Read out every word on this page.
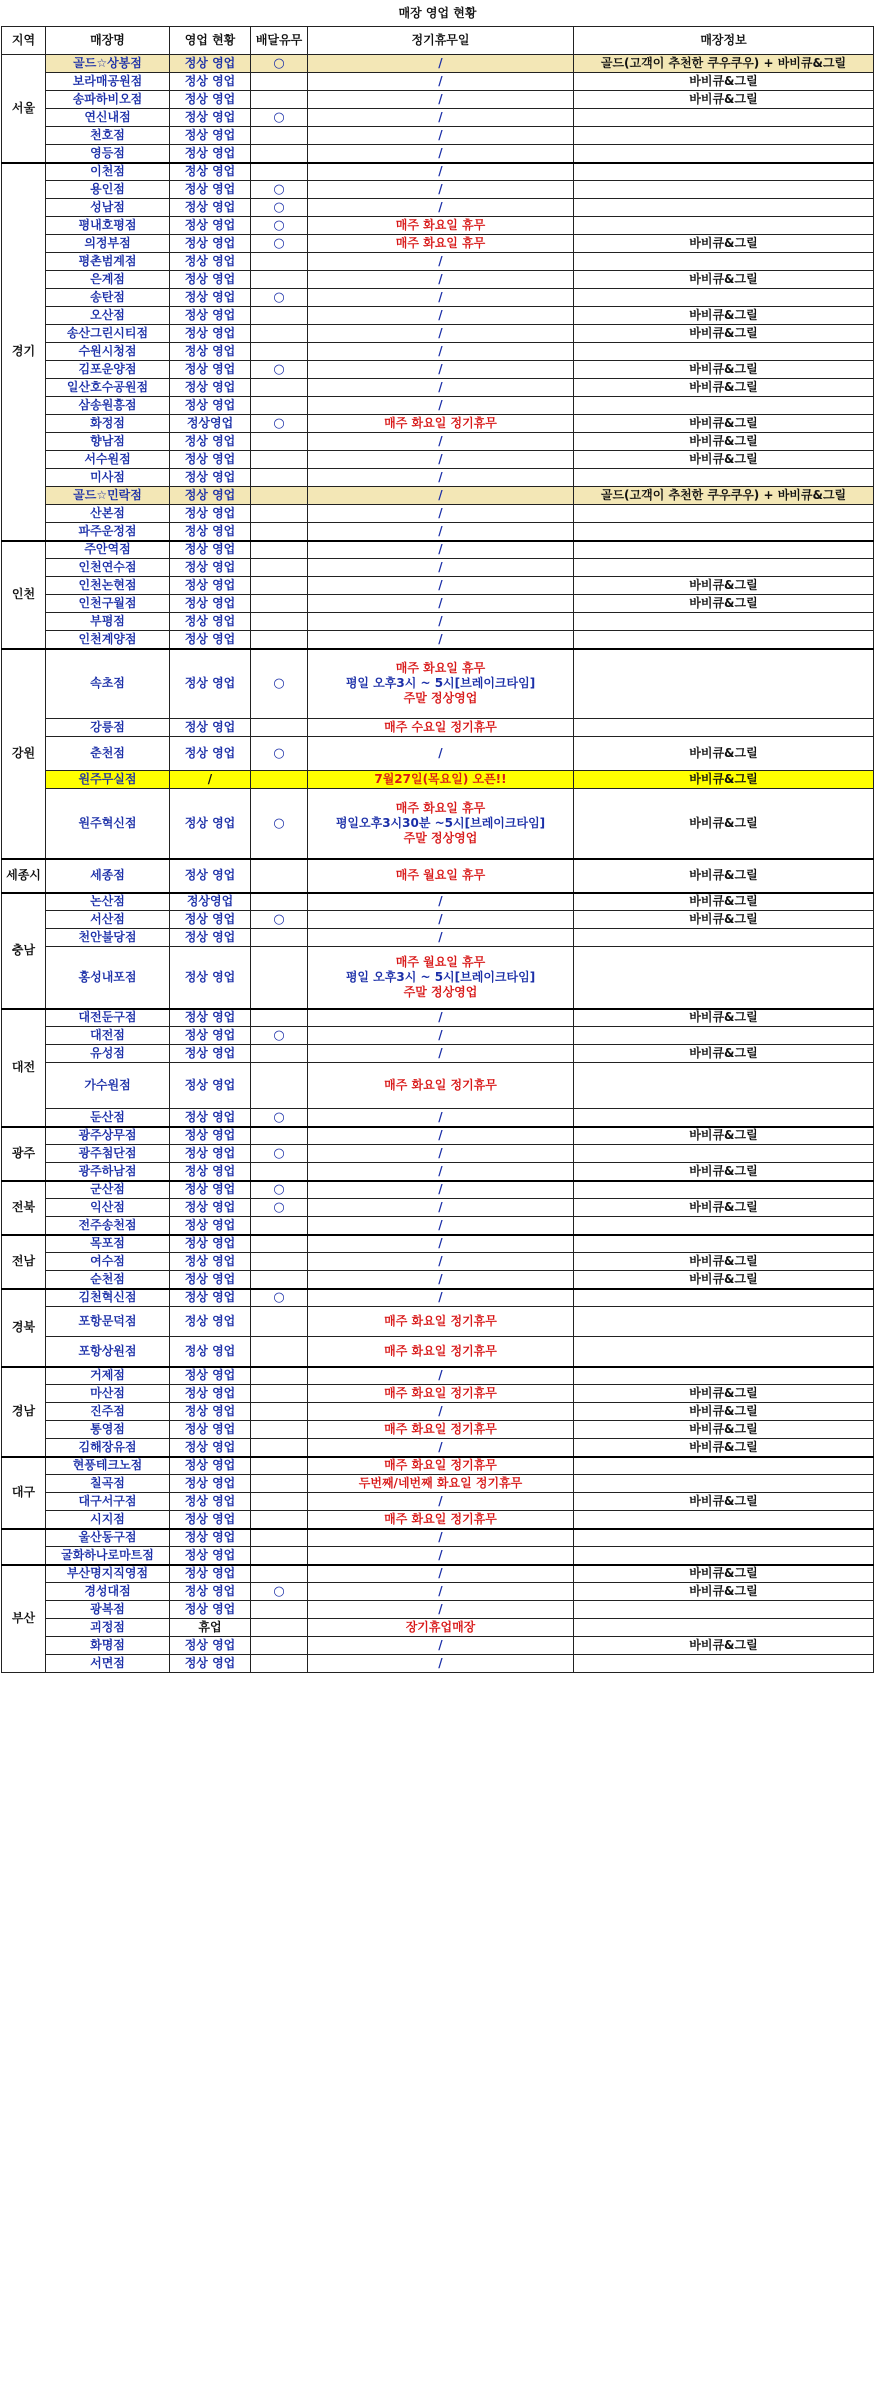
매장 영업 현황
지역	매장명	영업 현황	배달유무	정기휴무일	매장정보
서울	골드☆상봉점	정상 영업	○	/	골드(고객이 추천한 쿠우쿠우) + 바비큐&그릴
	보라매공원점	정상 영업		/	바비큐&그릴
	송파하비오점	정상 영업		/	바비큐&그릴
	연신내점	정상 영업	○	/	

	천호점	정상 영업		/	

	영등점	정상 영업		/	

경기	이천점	정상 영업		/	

	용인점	정상 영업	○	/	

	성남점	정상 영업	○	/	

	평내호평점	정상 영업	○	매주 화요일 휴무	

	의정부점	정상 영업	○	매주 화요일 휴무	바비큐&그릴
	평촌범계점	정상 영업		/	

	은계점	정상 영업		/	바비큐&그릴
	송탄점	정상 영업	○	/	

	오산점	정상 영업		/	바비큐&그릴
	송산그린시티점	정상 영업		/	바비큐&그릴
	수원시청점	정상 영업		/	

	김포운양점	정상 영업	○	/	바비큐&그릴
	일산호수공원점	정상 영업		/	바비큐&그릴
	삼송원흥점	정상 영업		/	

	화정점	정상영업	○	매주 화요일 정기휴무	바비큐&그릴
	향남점	정상 영업		/	바비큐&그릴
	서수원점	정상 영업		/	바비큐&그릴
	미사점	정상 영업		/	

	골드☆민락점	정상 영업		/	골드(고객이 추천한 쿠우쿠우) + 바비큐&그릴
	산본점	정상 영업		/	

	파주운정점	정상 영업		/	

인천	주안역점	정상 영업		/	

	인천연수점	정상 영업		/	

	인천논현점	정상 영업		/	바비큐&그릴
	인천구월점	정상 영업		/	바비큐&그릴
	부평점	정상 영업		/	

	인천계양점	정상 영업		/	

강원	속초점	정상 영업	○	매주 화요일 휴무
평일 오후3시 ~ 5시[브레이크타임]
주말 정상영업	

	강릉점	정상 영업		매주 수요일 정기휴무	

	춘천점	정상 영업	○	/	바비큐&그릴
	원주무실점	/		7월27일(목요일) 오픈!!	바비큐&그릴
	원주혁신점	정상 영업	○	매주 화요일 휴무
평일오후3시30분 ~5시[브레이크타임]
주말 정상영업	바비큐&그릴
세종시	세종점	정상 영업		매주 월요일 휴무	바비큐&그릴
충남	논산점	정상영업		/	바비큐&그릴
	서산점	정상 영업	○	/	바비큐&그릴
	천안불당점	정상 영업		/	

	홍성내포점	정상 영업		매주 월요일 휴무
평일 오후3시 ~ 5시[브레이크타임]
주말 정상영업	

대전	대전둔구점	정상 영업		/	바비큐&그릴
	대전점	정상 영업	○	/	

	유성점	정상 영업		/	바비큐&그릴
	가수원점	정상 영업		매주 화요일 정기휴무	

	둔산점	정상 영업	○	/	

광주	광주상무점	정상 영업		/	바비큐&그릴
	광주첨단점	정상 영업	○	/	

	광주하남점	정상 영업		/	바비큐&그릴
전북	군산점	정상 영업	○	/	

	익산점	정상 영업	○	/	바비큐&그릴
	전주송천점	정상 영업		/	

전남	목포점	정상 영업		/	

	여수점	정상 영업		/	바비큐&그릴
	순천점	정상 영업		/	바비큐&그릴
경북	김천혁신점	정상 영업	○	/	

	포항문덕점	정상 영업		매주 화요일 정기휴무	

	포항상원점	정상 영업		매주 화요일 정기휴무	

경남	거제점	정상 영업		/	

	마산점	정상 영업		매주 화요일 정기휴무	바비큐&그릴
	진주점	정상 영업		/	바비큐&그릴
	통영점	정상 영업		매주 화요일 정기휴무	바비큐&그릴
	김해장유점	정상 영업		/	바비큐&그릴
대구	현풍테크노점	정상 영업		매주 화요일 정기휴무	

	칠곡점	정상 영업		두번째/네번째 화요일 정기휴무	

	대구서구점	정상 영업		/	바비큐&그릴
	시지점	정상 영업		매주 화요일 정기휴무	

	울산동구점	정상 영업		/	

	굴화하나로마트점	정상 영업		/	

부산	부산명지직영점	정상 영업		/	바비큐&그릴
	경성대점	정상 영업	○	/	바비큐&그릴
	광복점	정상 영업		/	

	괴정점	휴업		장기휴업매장	

	화명점	정상 영업		/	바비큐&그릴
	서면점	정상 영업		/	
